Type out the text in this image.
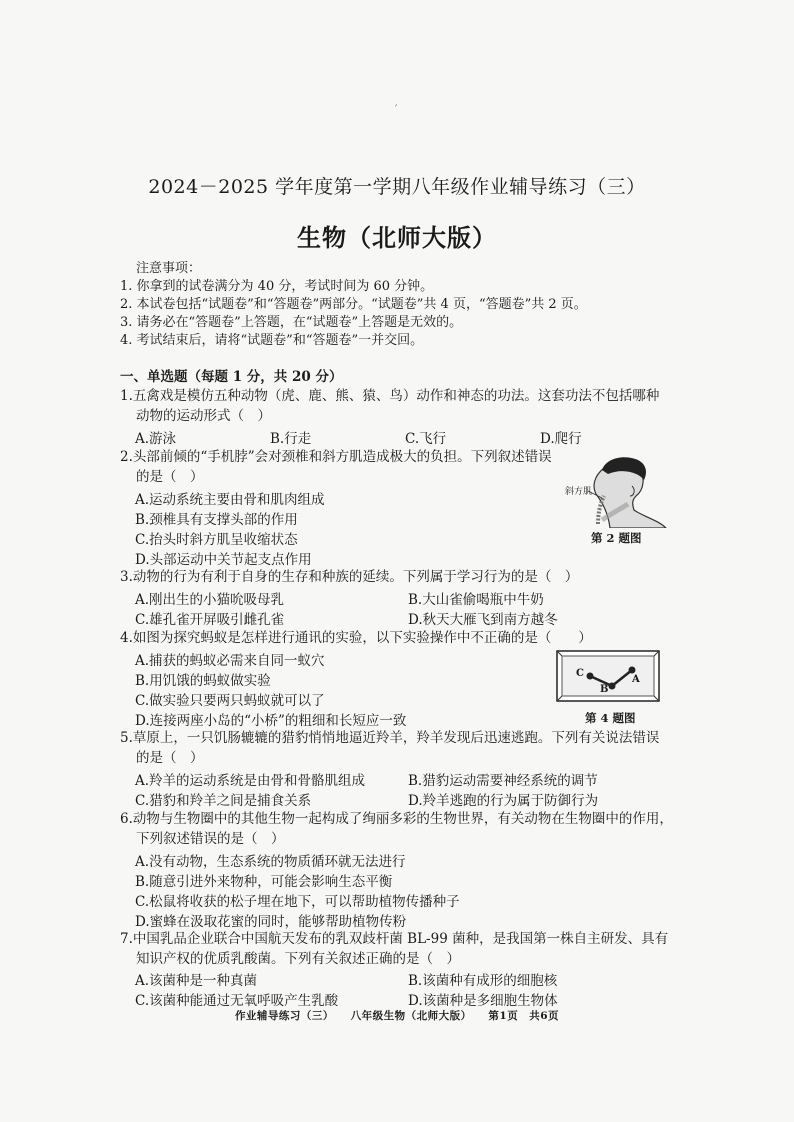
ˊ
2024－2025 学年度第一学期八年级作业辅导练习（三）
生物（北师大版）
注意事项：
1. 你拿到的试卷满分为 40 分，考试时间为 60 分钟。
2. 本试卷包括“试题卷”和“答题卷”两部分。“试题卷”共 4 页，“答题卷”共 2 页。
3. 请务必在“答题卷”上答题，在“试题卷”上答题是无效的。
4. 考试结束后，请将“试题卷”和“答题卷”一并交回。
一、单选题（每题 1 分，共 20 分）
1.五禽戏是模仿五种动物（虎、鹿、熊、猿、鸟）动作和神态的功法。这套功法不包括哪种
动物的运动形式（　）
A.游泳	B.行走	C.飞行	D.爬行
2.头部前倾的“手机脖”会对颈椎和斜方肌造成极大的负担。下列叙述错误
的是（　）
A.运动系统主要由骨和肌肉组成
B.颈椎具有支撑头部的作用
C.抬头时斜方肌呈收缩状态
D.头部运动中关节起支点作用
斜方肌
第 2 题图
3.动物的行为有利于自身的生存和种族的延续。下列属于学习行为的是（　）
A.刚出生的小猫吮吸母乳	B.大山雀偷喝瓶中牛奶
C.雄孔雀开屏吸引雌孔雀	D.秋天大雁飞到南方越冬
4.如图为探究蚂蚁是怎样进行通讯的实验，以下实验操作中不正确的是（　　）
A.捕获的蚂蚁必需来自同一蚁穴
B.用饥饿的蚂蚁做实验
C.做实验只要两只蚂蚁就可以了
D.连接两座小岛的“小桥”的粗细和长短应一致
C
B
A
第 4 题图
5.草原上，一只饥肠辘辘的猎豹悄悄地逼近羚羊，羚羊发现后迅速逃跑。下列有关说法错误
的是（　）
A.羚羊的运动系统是由骨和骨骼肌组成	B.猎豹运动需要神经系统的调节
C.猎豹和羚羊之间是捕食关系	D.羚羊逃跑的行为属于防御行为
6.动物与生物圈中的其他生物一起构成了绚丽多彩的生物世界，有关动物在生物圈中的作用，
下列叙述错误的是（　）
A.没有动物，生态系统的物质循环就无法进行
B.随意引进外来物种，可能会影响生态平衡
C.松鼠将收获的松子埋在地下，可以帮助植物传播种子
D.蜜蜂在汲取花蜜的同时，能够帮助植物传粉
7.中国乳品企业联合中国航天发布的乳双歧杆菌 BL-99 菌种，是我国第一株自主研发、具有
知识产权的优质乳酸菌。下列有关叙述正确的是（　）
A.该菌种是一种真菌	B.该菌种有成形的细胞核
C.该菌种能通过无氧呼吸产生乳酸	D.该菌种是多细胞生物体
作业辅导练习（三）　　八年级生物（北师大版）　　第1页　共6页
